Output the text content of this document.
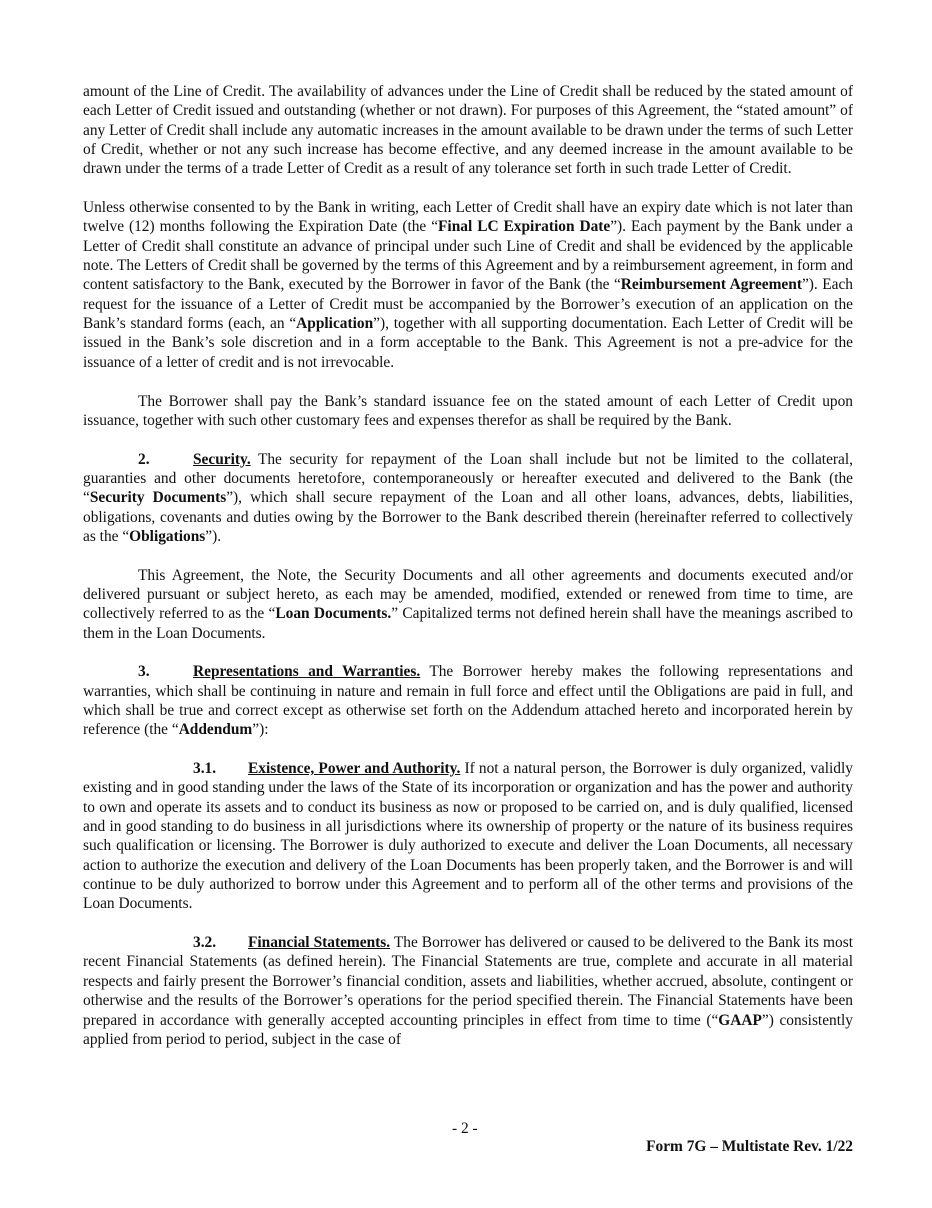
amount of the Line of Credit. The availability of advances under the Line of Credit shall be reduced by the stated amount of each Letter of Credit issued and outstanding (whether or not drawn). For purposes of this Agreement, the “stated amount” of any Letter of Credit shall include any automatic increases in the amount available to be drawn under the terms of such Letter of Credit, whether or not any such increase has become effective, and any deemed increase in the amount available to be drawn under the terms of a trade Letter of Credit as a result of any tolerance set forth in such trade Letter of Credit.

Unless otherwise consented to by the Bank in writing, each Letter of Credit shall have an expiry date which is not later than twelve (12) months following the Expiration Date (the “Final LC Expiration Date”). Each payment by the Bank under a Letter of Credit shall constitute an advance of principal under such Line of Credit and shall be evidenced by the applicable note. The Letters of Credit shall be governed by the terms of this Agreement and by a reimbursement agreement, in form and content satisfactory to the Bank, executed by the Borrower in favor of the Bank (the “Reimbursement Agreement”). Each request for the issuance of a Letter of Credit must be accompanied by the Borrower’s execution of an application on the Bank’s standard forms (each, an “Application”), together with all supporting documentation. Each Letter of Credit will be issued in the Bank’s sole discretion and in a form acceptable to the Bank. This Agreement is not a pre-advice for the issuance of a letter of credit and is not irrevocable.

The Borrower shall pay the Bank’s standard issuance fee on the stated amount of each Letter of Credit upon issuance, together with such other customary fees and expenses therefor as shall be required by the Bank.

2.	Security. The security for repayment of the Loan shall include but not be limited to the collateral, guaranties and other documents heretofore, contemporaneously or hereafter executed and delivered to the Bank (the “Security Documents”), which shall secure repayment of the Loan and all other loans, advances, debts, liabilities, obligations, covenants and duties owing by the Borrower to the Bank described therein (hereinafter referred to collectively as the “Obligations”).

This Agreement, the Note, the Security Documents and all other agreements and documents executed and/or delivered pursuant or subject hereto, as each may be amended, modified, extended or renewed from time to time, are collectively referred to as the “Loan Documents.” Capitalized terms not defined herein shall have the meanings ascribed to them in the Loan Documents.

3.	Representations and Warranties. The Borrower hereby makes the following representations and warranties, which shall be continuing in nature and remain in full force and effect until the Obligations are paid in full, and which shall be true and correct except as otherwise set forth on the Addendum attached hereto and incorporated herein by reference (the “Addendum”):

3.1. Existence, Power and Authority. If not a natural person, the Borrower is duly organized, validly existing and in good standing under the laws of the State of its incorporation or organization and has the power and authority to own and operate its assets and to conduct its business as now or proposed to be carried on, and is duly qualified, licensed and in good standing to do business in all jurisdictions where its ownership of property or the nature of its business requires such qualification or licensing. The Borrower is duly authorized to execute and deliver the Loan Documents, all necessary action to authorize the execution and delivery of the Loan Documents has been properly taken, and the Borrower is and will continue to be duly authorized to borrow under this Agreement and to perform all of the other terms and provisions of the Loan Documents.

3.2. Financial Statements. The Borrower has delivered or caused to be delivered to the Bank its most recent Financial Statements (as defined herein). The Financial Statements are true, complete and accurate in all material respects and fairly present the Borrower’s financial condition, assets and liabilities, whether accrued, absolute, contingent or otherwise and the results of the Borrower’s operations for the period specified therein. The Financial Statements have been prepared in accordance with generally accepted accounting principles in effect from time to time (“GAAP”) consistently applied from period to period, subject in the case of

- 2 -
Form 7G – Multistate Rev. 1/22
